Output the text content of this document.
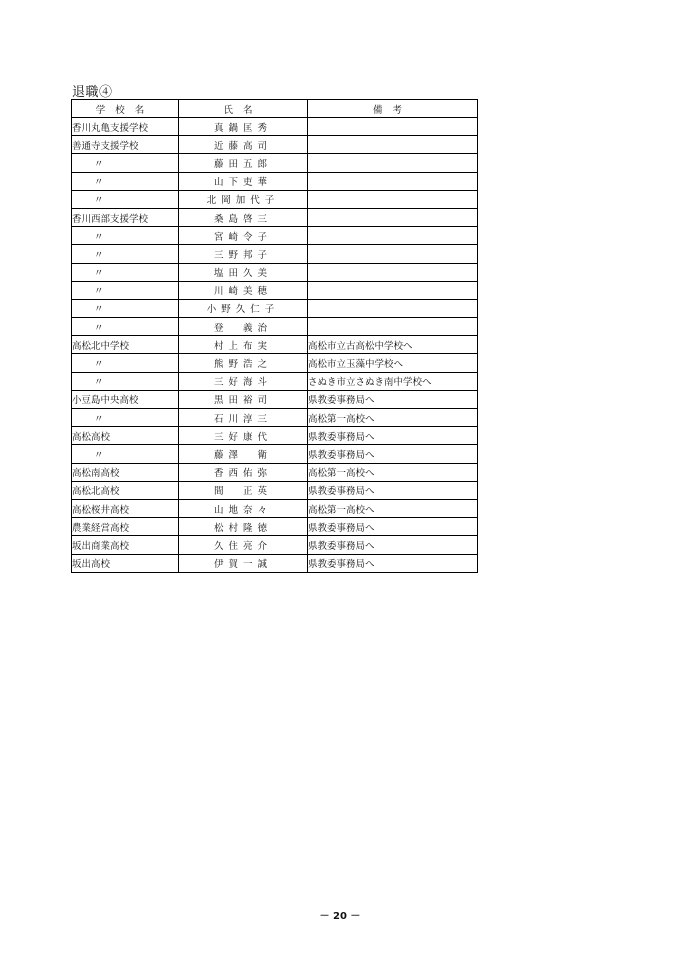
退職④
学校名	氏名	備考
香川丸亀支援学校	真鍋匡秀	
善通寺支援学校	近藤高司	
〃	藤田五郎	
〃	山下吏華	
〃	北岡加代子	
香川西部支援学校	桑島啓三	
〃	宮崎令子	
〃	三野邦子	
〃	塩田久美	
〃	川崎美穂	
〃	小野久仁子	
〃	登　義治	
高松北中学校	村上布実	高松市立古高松中学校へ
〃	熊野浩之	高松市立玉藻中学校へ
〃	三好海斗	さぬき市立さぬき南中学校へ
小豆島中央高校	黒田裕司	県教委事務局へ
〃	石川淳三	高松第一高校へ
高松高校	三好康代	県教委事務局へ
〃	藤澤　衛	県教委事務局へ
高松南高校	香西佑弥	高松第一高校へ
高松北高校	間　正英	県教委事務局へ
高松桜井高校	山地奈々	高松第一高校へ
農業経営高校	松村隆徳	県教委事務局へ
坂出商業高校	久住亮介	県教委事務局へ
坂出高校	伊賀一誠	県教委事務局へ
－ 20 －
